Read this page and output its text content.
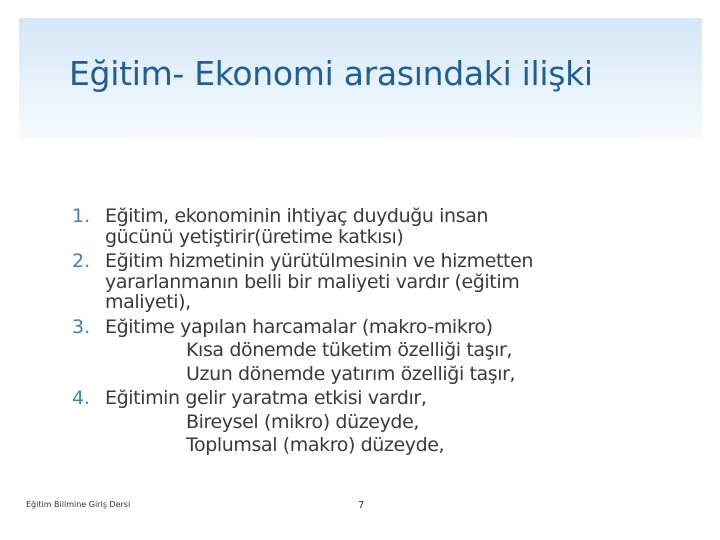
Eğitim- Ekonomi arasındaki ilişki
1. Eğitim, ekonominin ihtiyaç duyduğu insan
gücünü yetiştirir(üretime katkısı)
2. Eğitim hizmetinin yürütülmesinin ve hizmetten
yararlanmanın belli bir maliyeti vardır (eğitim
maliyeti),
3. Eğitime yapılan harcamalar (makro-mikro)
Kısa dönemde tüketim özelliği taşır,
Uzun dönemde yatırım özelliği taşır,
4. Eğitimin gelir yaratma etkisi vardır,
Bireysel (mikro) düzeyde,
Toplumsal (makro) düzeyde,
Eğitim Bilimine Giriş Dersi	7
